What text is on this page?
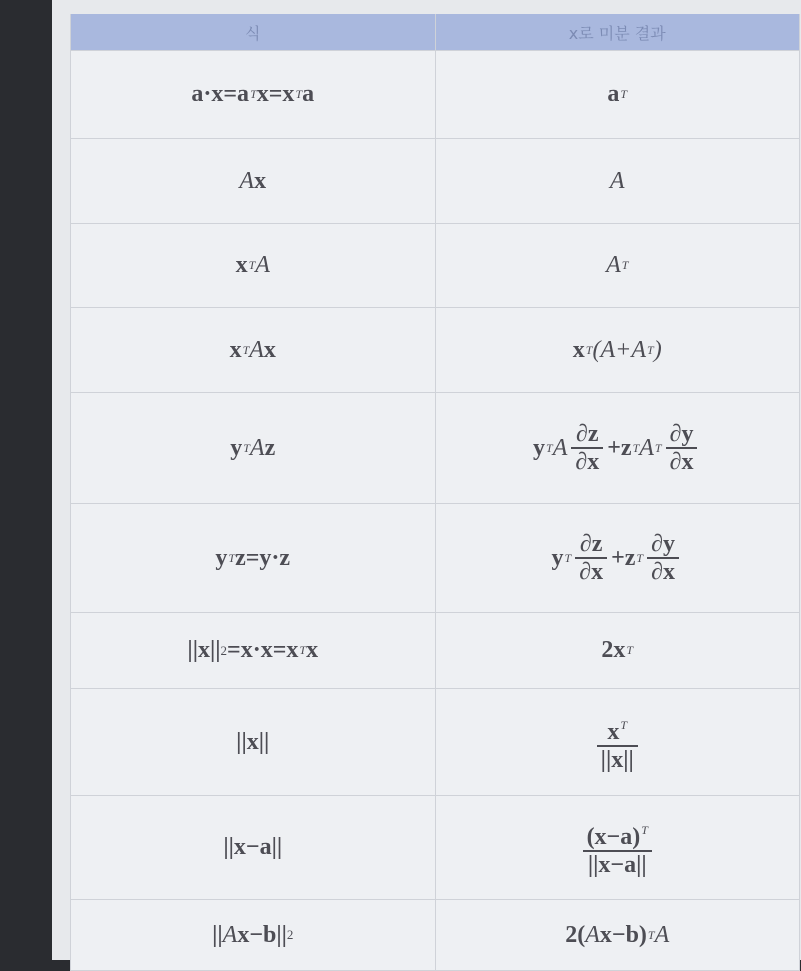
식	x로 미분 결과
a·x=a T x=x T a	a T
A x	A
x T A	A T
x T A x	x T (A+A T )
y T A z	y T A $\frac{\partial z}{\partial x} +z$ T A T $\frac{\partial y}{\partial x}$
y T z=y·z	y T $\frac{\partial z}{\partial x} +z$ T $\frac{\partial y}{\partial x}$
||x|| 2 =x·x=x T x	2x T
||x||	$\frac{x^T}{||x||}$
||x−a||	$\frac{(x-a)^T}{||x-a||}$
|| A x−b|| 2	2( A x−b) T A
